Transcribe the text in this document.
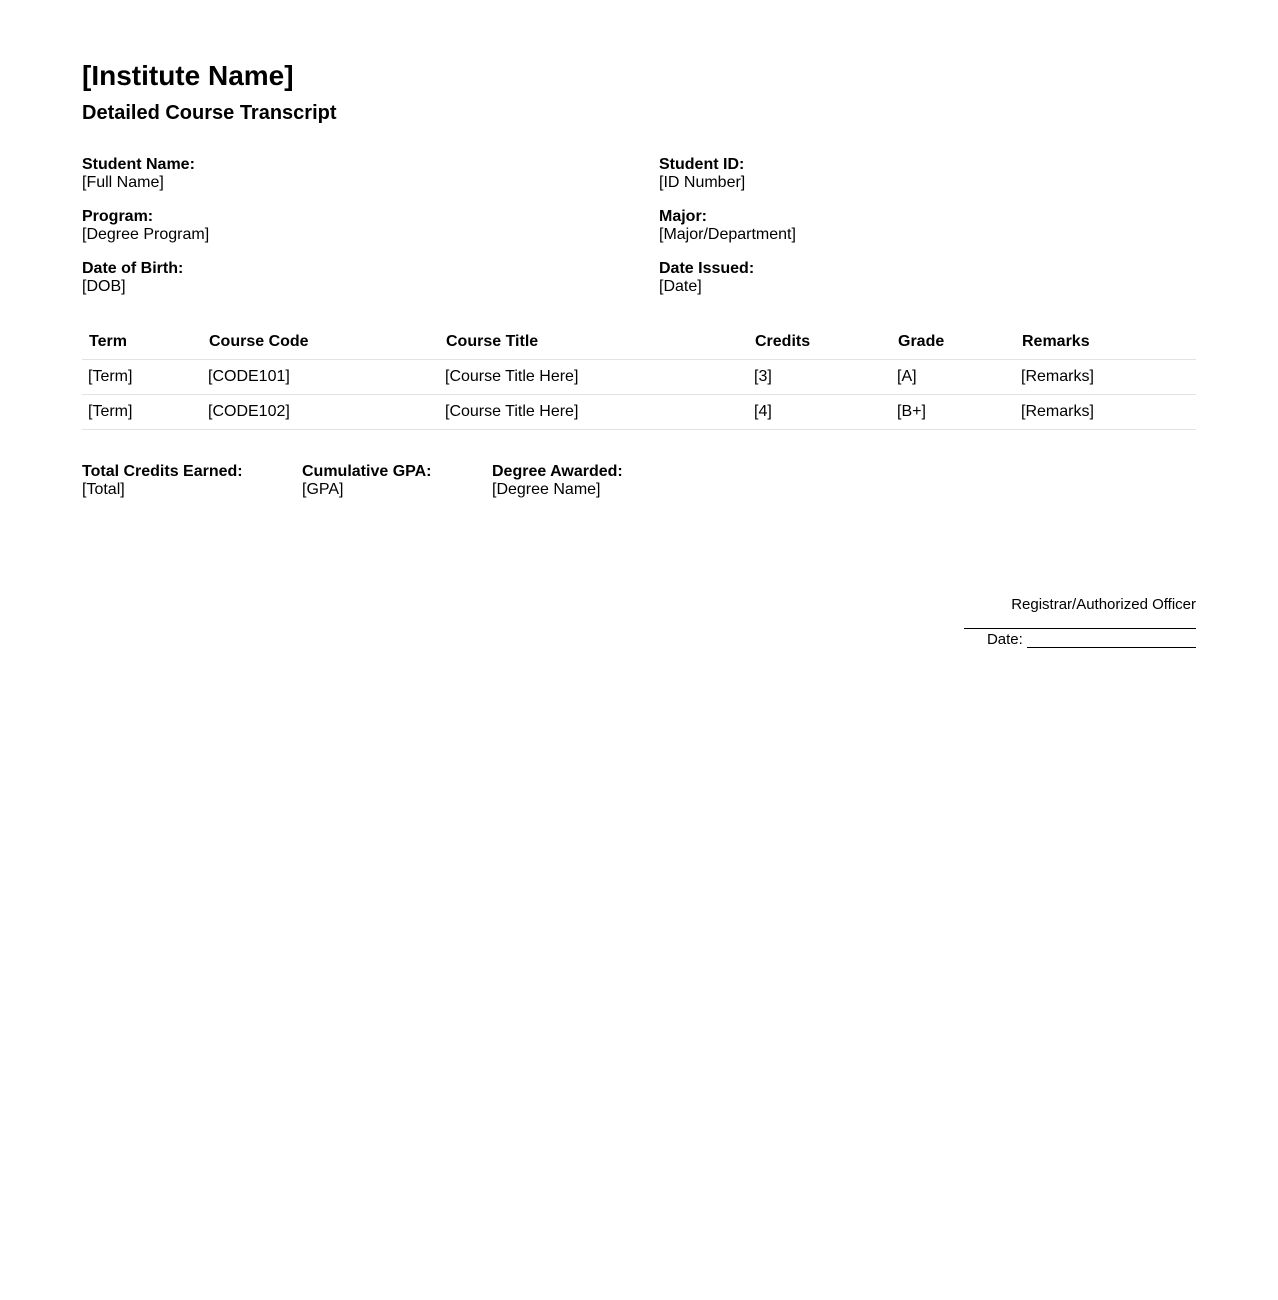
[Institute Name]
Detailed Course Transcript
Student Name:
[Full Name]
Student ID:
[ID Number]
Program:
[Degree Program]
Major:
[Major/Department]
Date of Birth:
[DOB]
Date Issued:
[Date]
Term	Course Code	Course Title	Credits	Grade	Remarks
[Term]	[CODE101]	[Course Title Here]	[3]	[A]	[Remarks]
[Term]	[CODE102]	[Course Title Here]	[4]	[B+]	[Remarks]
Total Credits Earned:
[Total]
Cumulative GPA:
[GPA]
Degree Awarded:
[Degree Name]
Registrar/Authorized Officer
Date:
